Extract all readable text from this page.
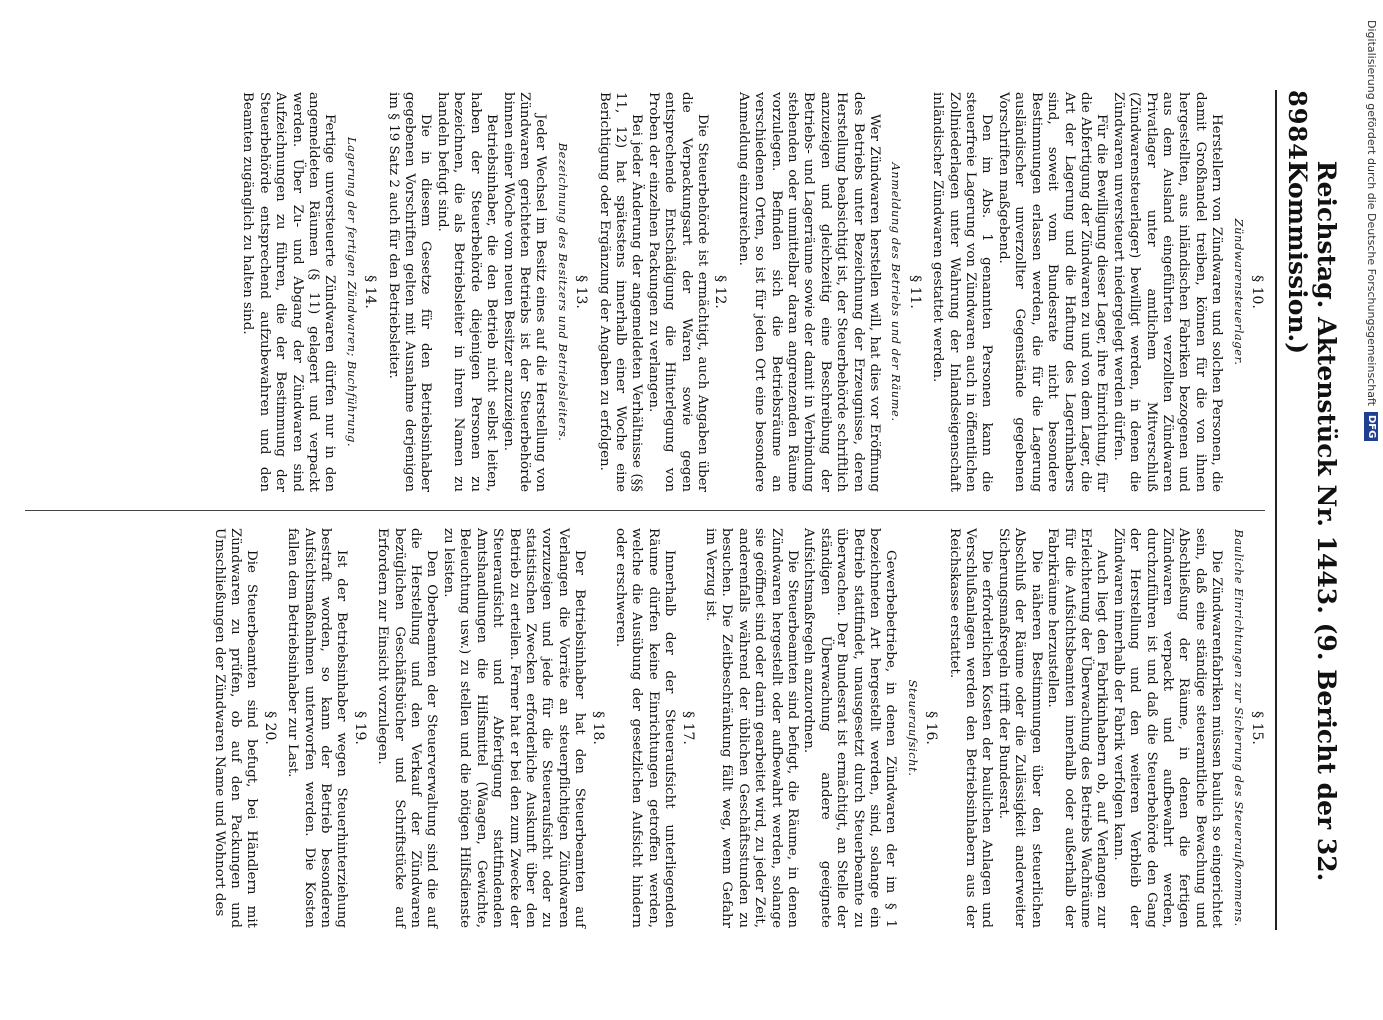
8984
Reichstag. Aktenstück Nr. 1443. (9. Bericht der 32. Kommission.)
§ 10.
Zündwarensteuerlager.

Herstellern von Zündwaren und solchen Personen, die damit Großhandel treiben, können für die von ihnen hergestellten, aus inländischen Fabriken bezogenen und aus dem Ausland eingeführten verzollten Zündwaren Privatlager unter amtlichem Mitverschluß (Zündwarensteuerlager) bewilligt werden, in denen die Zündwaren unversteuert niedergelegt werden dürfen.

Für die Bewilligung dieser Lager, ihre Einrichtung, für die Abfertigung der Zündwaren zu und von dem Lager, die Art der Lagerung und die Haftung des Lagerinhabers sind, soweit vom Bundesrate nicht besondere Bestimmungen erlassen werden, die für die Lagerung ausländischer unverzollter Gegenstände gegebenen Vorschriften maßgebend.

Den im Abs. 1 genannten Personen kann die steuerfreie Lagerung von Zündwaren auch in öffentlichen Zollniederlagen unter Wahrung der Inlandseigenschaft inländischer Zündwaren gestattet werden.

§ 11.
Anmeldung des Betriebs und der Räume.

Wer Zündwaren herstellen will, hat dies vor Eröffnung des Betriebs unter Bezeichnung der Erzeugnisse, deren Herstellung beabsichtigt ist, der Steuerbehörde schriftlich anzuzeigen und gleichzeitig eine Beschreibung der Betriebs- und Lagerräume sowie der damit in Verbindung stehenden oder unmittelbar daran angrenzenden Räume vorzulegen. Befinden sich die Betriebsräume an verschiedenen Orten, so ist für jeden Ort eine besondere Anmeldung einzureichen.

§ 12.

Die Steuerbehörde ist ermächtigt, auch Angaben über die Verpackungsart der Waren sowie gegen entsprechende Entschädigung die Hinterlegung von Proben der einzelnen Packungen zu verlangen.

Bei jeder Änderung der angemeldeten Verhältnisse (§§ 11, 12) hat spätestens innerhalb einer Woche eine Berichtigung oder Ergänzung der Angaben zu erfolgen.

§ 13.
Bezeichnung des Besitzers und Betriebsleiters.

Jeder Wechsel im Besitz eines auf die Herstellung von Zündwaren gerichteten Betriebs ist der Steuerbehörde binnen einer Woche vom neuen Besitzer anzuzeigen.

Betriebsinhaber, die den Betrieb nicht selbst leiten, haben der Steuerbehörde diejenigen Personen zu bezeichnen, die als Betriebsleiter in ihrem Namen zu handeln befugt sind.

Die in diesem Gesetze für den Betriebsinhaber gegebenen Vorschriften gelten mit Ausnahme derjenigen im § 19 Satz 2 auch für den Betriebsleiter.

§ 14.
Lagerung der fertigen Zündwaren; Buchführung.

Fertige unversteuerte Zündwaren dürfen nur in den angemeldeten Räumen (§ 11) gelagert und verpackt werden. Über Zu- und Abgang der Zündwaren sind Aufzeichnungen zu führen, die der Bestimmung der Steuerbehörde entsprechend aufzubewahren und den Beamten zugänglich zu halten sind.

§ 15.
Bauliche Einrichtungen zur Sicherung des Steueraufkommens.

Die Zündwarenfabriken müssen baulich so eingerichtet sein, daß eine ständige steueramtliche Bewachung und Abschließung der Räume, in denen die fertigen Zündwaren verpackt und aufbewahrt werden, durchzuführen ist und daß die Steuerbehörde den Gang der Herstellung und den weiteren Verbleib der Zündwaren innerhalb der Fabrik verfolgen kann.

Auch liegt den Fabrikinhabern ob, auf Verlangen zur Erleichterung der Überwachung des Betriebs Wachräume für die Aufsichtsbeamten innerhalb oder außerhalb der Fabrikräume herzustellen.

Die näheren Bestimmungen über den steuerlichen Abschluß der Räume oder die Zulässigkeit anderweiter Sicherungsmaßregeln trifft der Bundesrat.

Die erforderlichen Kosten der baulichen Anlagen und Verschlußanlagen werden den Betriebsinhabern aus der Reichskasse erstattet.

§ 16.
Steueraufsicht.

Gewerbebetriebe, in denen Zündwaren der im § 1 bezeichneten Art hergestellt werden, sind, solange ein Betrieb stattfindet, unausgesetzt durch Steuerbeamte zu überwachen. Der Bundesrat ist ermächtigt, an Stelle der ständigen Überwachung andere geeignete Aufsichtsmaßregeln anzuordnen.

Die Steuerbeamten sind befugt, die Räume, in denen Zündwaren hergestellt oder aufbewahrt werden, solange sie geöffnet sind oder darin gearbeitet wird, zu jeder Zeit, anderenfalls während der üblichen Geschäftsstunden zu besuchen. Die Zeitbeschränkung fällt weg, wenn Gefahr im Verzug ist.

§ 17.

Innerhalb der der Steueraufsicht unterliegenden Räume dürfen keine Einrichtungen getroffen werden, welche die Ausübung der gesetzlichen Aufsicht hindern oder erschweren.

§ 18.

Der Betriebsinhaber hat den Steuerbeamten auf Verlangen die Vorräte an steuerpflichtigen Zündwaren vorzuzeigen und jede für die Steueraufsicht oder zu statistischen Zwecken erforderliche Auskunft über den Betrieb zu erteilen. Ferner hat er bei den zum Zwecke der Steueraufsicht und Abfertigung stattfindenden Amtshandlungen die Hilfsmittel (Waagen, Gewichte, Beleuchtung usw.) zu stellen und die nötigen Hilfsdienste zu leisten.

Den Oberbeamten der Steuerverwaltung sind die auf die Herstellung und den Verkauf der Zündwaren bezüglichen Geschäftsbücher und Schriftstücke auf Erfordern zur Einsicht vorzulegen.

§ 19.

Ist der Betriebsinhaber wegen Steuerhinterziehung bestraft worden, so kann der Betrieb besonderen Aufsichtsmaßnahmen unterworfen werden. Die Kosten fallen dem Betriebsinhaber zur Last.

§ 20.

Die Steuerbeamten sind befugt, bei Händlern mit Zündwaren zu prüfen, ob auf den Packungen und Umschließungen der Zündwaren Name und Wohnort des

Digitalisierung gefördert durch die Deutsche Forschungsgemeinschaft
DFG
